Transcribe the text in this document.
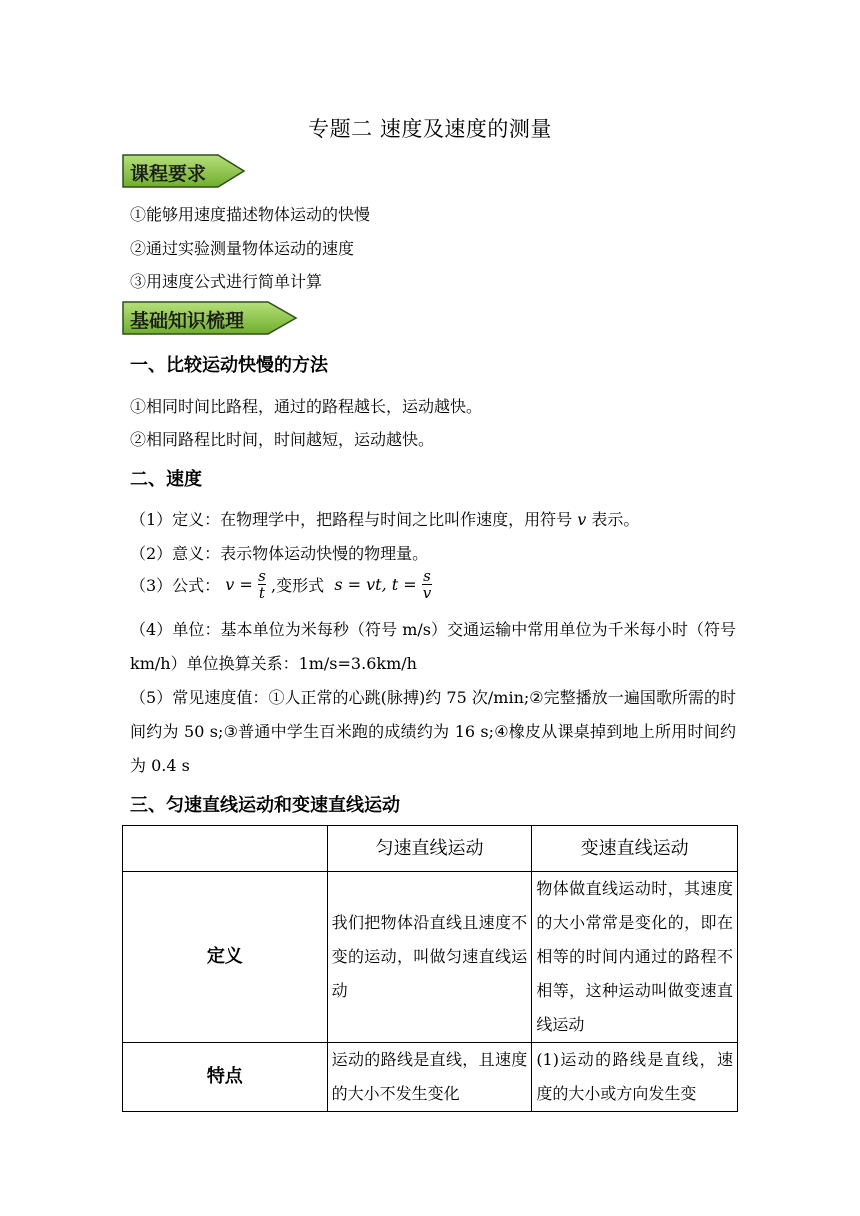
专题二 速度及速度的测量
课程要求
①能够用速度描述物体运动的快慢
②通过实验测量物体运动的速度
③用速度公式进行简单计算
基础知识梳理
一、比较运动快慢的方法
①相同时间比路程，通过的路程越长，运动越快。
②相同路程比时间，时间越短，运动越快。
二、速度
（1）定义：在物理学中，把路程与时间之比叫作速度，用符号 v 表示。
（2）意义：表示物体运动快慢的物理量。
（3）公式： $v = \frac{s}{t}$ ,变形式 s = vt, $t = \frac{s}{v}$
（4）单位：基本单位为米每秒（符号 m/s）交通运输中常用单位为千米每小时（符号 km/h）单位换算关系：1m/s=3.6km/h
（5）常见速度值：①人正常的心跳(脉搏)约 75 次/min;②完整播放一遍国歌所需的时间约为 50 s;③普通中学生百米跑的成绩约为 16 s;④橡皮从课桌掉到地上所用时间约为 0.4 s
三、匀速直线运动和变速直线运动
	匀速直线运动	变速直线运动
定义	我们把物体沿直线且速度不变的运动，叫做匀速直线运动	物体做直线运动时，其速度的大小常常是变化的，即在相等的时间内通过的路程不相等，这种运动叫做变速直线运动
特点	运动的路线是直线，且速度的大小不发生变化	(1)运动的路线是直线，速度的大小或方向发生变
